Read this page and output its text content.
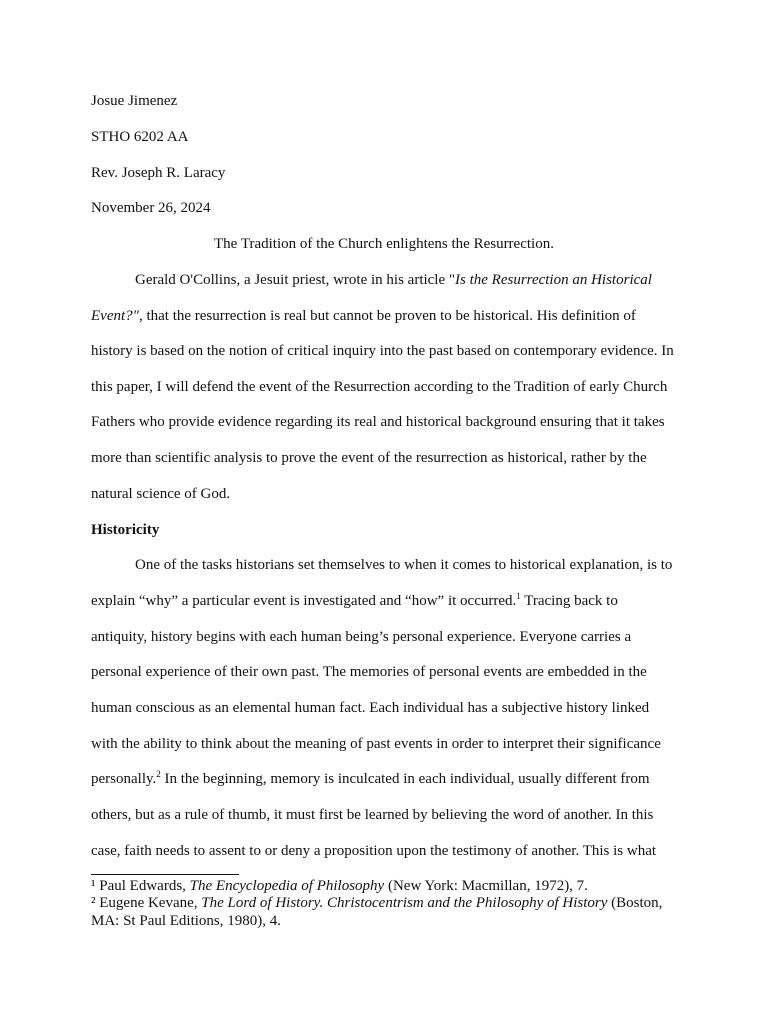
Josue Jimenez
STHO 6202 AA
Rev. Joseph R. Laracy
November 26, 2024
The Tradition of the Church enlightens the Resurrection.
Gerald O'Collins, a Jesuit priest, wrote in his article "Is the Resurrection an Historical
Event?", that the resurrection is real but cannot be proven to be historical. His definition of
history is based on the notion of critical inquiry into the past based on contemporary evidence. In
this paper, I will defend the event of the Resurrection according to the Tradition of early Church
Fathers who provide evidence regarding its real and historical background ensuring that it takes
more than scientific analysis to prove the event of the resurrection as historical, rather by the
natural science of God.
Historicity
One of the tasks historians set themselves to when it comes to historical explanation, is to
explain “why” a particular event is investigated and “how” it occurred.$^1$ Tracing back to
antiquity, history begins with each human being’s personal experience. Everyone carries a
personal experience of their own past. The memories of personal events are embedded in the
human conscious as an elemental human fact. Each individual has a subjective history linked
with the ability to think about the meaning of past events in order to interpret their significance
personally.$^2$ In the beginning, memory is inculcated in each individual, usually different from
others, but as a rule of thumb, it must first be learned by believing the word of another. In this
case, faith needs to assent to or deny a proposition upon the testimony of another. This is what
¹ Paul Edwards, The Encyclopedia of Philosophy (New York: Macmillan, 1972), 7.
² Eugene Kevane, The Lord of History. Christocentrism and the Philosophy of History (Boston,
MA: St Paul Editions, 1980), 4.
